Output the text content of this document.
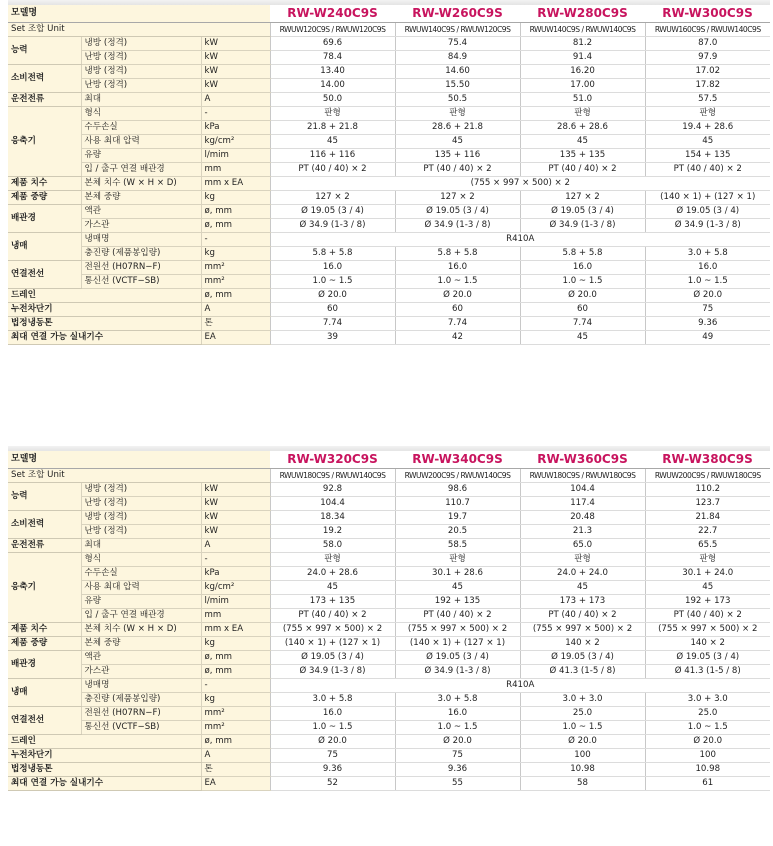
모델명			RW-W240C9S	RW-W260C9S	RW-W280C9S	RW-W300C9S
Set 조합 Unit			RWUW120C9S / RWUW120C9S	RWUW140C9S / RWUW120C9S	RWUW140C9S / RWUW140C9S	RWUW160C9S / RWUW140C9S
능력	냉방 (정격)	kW	69.6	75.4	81.2	87.0
	난방 (정격)	kW	78.4	84.9	91.4	97.9
소비전력	냉방 (정격)	kW	13.40	14.60	16.20	17.02
	난방 (정격)	kW	14.00	15.50	17.00	17.82
운전전류	최대	A	50.0	50.5	51.0	57.5
응축기	형식	-	판형	판형	판형	판형
	수두손실	kPa	21.8 + 21.8	28.6 + 21.8	28.6 + 28.6	19.4 + 28.6
	사용 최대 압력	kg/cm²	45	45	45	45
	유량	l/mim	116 + 116	135 + 116	135 + 135	154 + 135
	입 / 출구 연결 배관경	mm	PT (40 / 40) × 2	PT (40 / 40) × 2	PT (40 / 40) × 2	PT (40 / 40) × 2
제품 치수	본체 치수 (W × H × D)	mm x EA	(755 × 997 × 500) × 2			
제품 중량	본체 중량	kg	127 × 2	127 × 2	127 × 2	(140 × 1) + (127 × 1)
배관경	액관	ø, mm	Ø 19.05 (3 / 4)	Ø 19.05 (3 / 4)	Ø 19.05 (3 / 4)	Ø 19.05 (3 / 4)
	가스관	ø, mm	Ø 34.9 (1-3 / 8)	Ø 34.9 (1-3 / 8)	Ø 34.9 (1-3 / 8)	Ø 34.9 (1-3 / 8)
냉매	냉매명	-	R410A			
	충진량 (제품봉입량)	kg	5.8 + 5.8	5.8 + 5.8	5.8 + 5.8	3.0 + 5.8
연결전선	전원선 (H07RN−F)	mm²	16.0	16.0	16.0	16.0
	통신선 (VCTF−SB)	mm²	1.0 ~ 1.5	1.0 ~ 1.5	1.0 ~ 1.5	1.0 ~ 1.5
드레인		ø, mm	Ø 20.0	Ø 20.0	Ø 20.0	Ø 20.0
누전차단기		A	60	60	60	75
법정냉동톤		톤	7.74	7.74	7.74	9.36
최대 연결 가능 실내기수		EA	39	42	45	49
모델명			RW-W320C9S	RW-W340C9S	RW-W360C9S	RW-W380C9S
Set 조합 Unit			RWUW180C9S / RWUW140C9S	RWUW200C9S / RWUW140C9S	RWUW180C9S / RWUW180C9S	RWUW200C9S / RWUW180C9S
능력	냉방 (정격)	kW	92.8	98.6	104.4	110.2
	난방 (정격)	kW	104.4	110.7	117.4	123.7
소비전력	냉방 (정격)	kW	18.34	19.7	20.48	21.84
	난방 (정격)	kW	19.2	20.5	21.3	22.7
운전전류	최대	A	58.0	58.5	65.0	65.5
응축기	형식	-	판형	판형	판형	판형
	수두손실	kPa	24.0 + 28.6	30.1 + 28.6	24.0 + 24.0	30.1 + 24.0
	사용 최대 압력	kg/cm²	45	45	45	45
	유량	l/mim	173 + 135	192 + 135	173 + 173	192 + 173
	입 / 출구 연결 배관경	mm	PT (40 / 40) × 2	PT (40 / 40) × 2	PT (40 / 40) × 2	PT (40 / 40) × 2
제품 치수	본체 치수 (W × H × D)	mm x EA	(755 × 997 × 500) × 2	(755 × 997 × 500) × 2	(755 × 997 × 500) × 2	(755 × 997 × 500) × 2
제품 중량	본체 중량	kg	(140 × 1) + (127 × 1)	(140 × 1) + (127 × 1)	140 × 2	140 × 2
배관경	액관	ø, mm	Ø 19.05 (3 / 4)	Ø 19.05 (3 / 4)	Ø 19.05 (3 / 4)	Ø 19.05 (3 / 4)
	가스관	ø, mm	Ø 34.9 (1-3 / 8)	Ø 34.9 (1-3 / 8)	Ø 41.3 (1-5 / 8)	Ø 41.3 (1-5 / 8)
냉매	냉매명	-	R410A			
	충진량 (제품봉입량)	kg	3.0 + 5.8	3.0 + 5.8	3.0 + 3.0	3.0 + 3.0
연결전선	전원선 (H07RN−F)	mm²	16.0	16.0	25.0	25.0
	통신선 (VCTF−SB)	mm²	1.0 ~ 1.5	1.0 ~ 1.5	1.0 ~ 1.5	1.0 ~ 1.5
드레인		ø, mm	Ø 20.0	Ø 20.0	Ø 20.0	Ø 20.0
누전차단기		A	75	75	100	100
법정냉동톤		톤	9.36	9.36	10.98	10.98
최대 연결 가능 실내기수		EA	52	55	58	61
